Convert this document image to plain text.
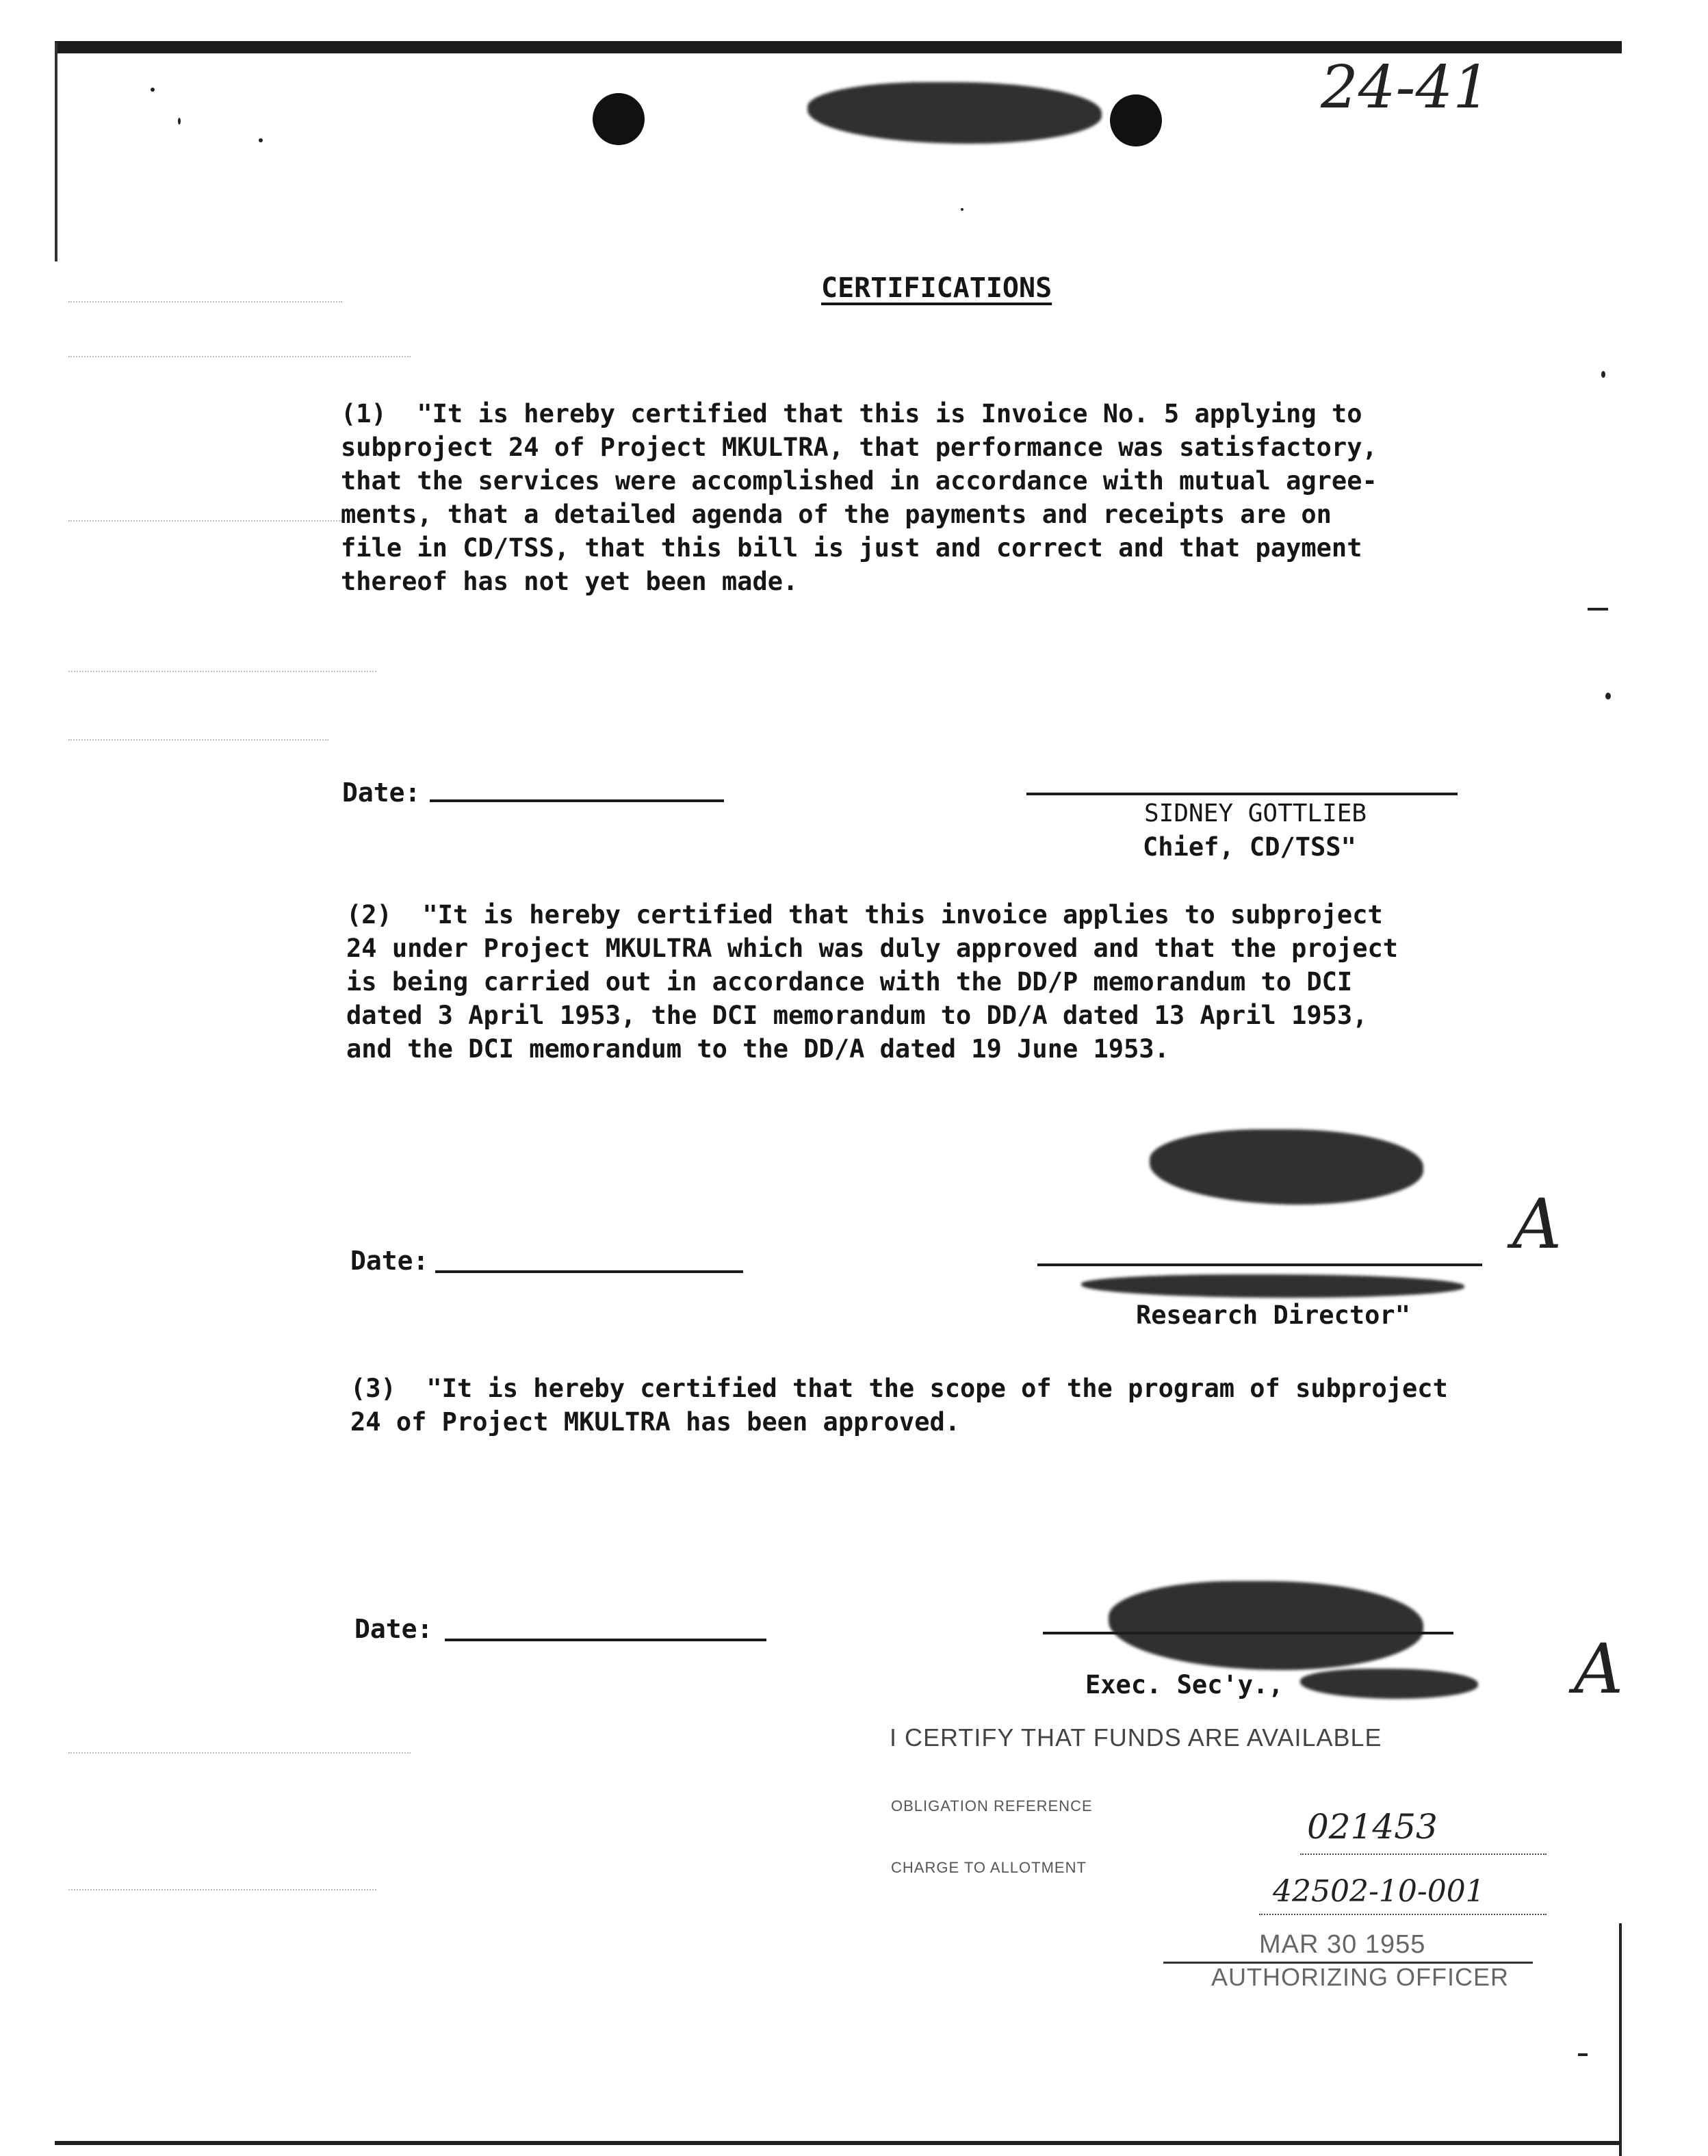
24-41
CERTIFICATIONS
(1)  "It is hereby certified that this is Invoice No. 5 applying to
subproject 24 of Project MKULTRA, that performance was satisfactory,
that the services were accomplished in accordance with mutual agree-
ments, that a detailed agenda of the payments and receipts are on
file in CD/TSS, that this bill is just and correct and that payment
thereof has not yet been made.
Date:
SIDNEY GOTTLIEB
Chief, CD/TSS"
(2)  "It is hereby certified that this invoice applies to subproject
24 under Project MKULTRA which was duly approved and that the project
is being carried out in accordance with the DD/P memorandum to DCI
dated 3 April 1953, the DCI memorandum to DD/A dated 13 April 1953,
and the DCI memorandum to the DD/A dated 19 June 1953.
Date:
Research Director"
A
(3)  "It is hereby certified that the scope of the program of subproject
24 of Project MKULTRA has been approved.
Date:
Exec. Sec'y.,	A
I CERTIFY THAT FUNDS ARE AVAILABLE
OBLIGATION REFERENCE
021453
CHARGE TO ALLOTMENT
42502-10-001
MAR 30 1955
AUTHORIZING OFFICER
